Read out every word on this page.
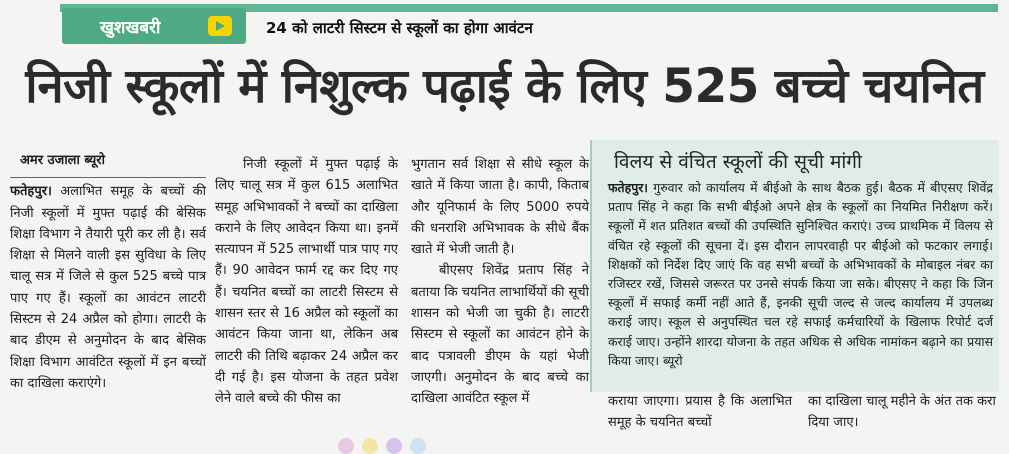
खुशखबरी	24 को लाटरी सिस्टम से स्कूलों का होगा आवंटन
निजी स्कूलों में निशुल्क पढ़ाई के लिए 525 बच्चे चयनित
अमर उजाला ब्यूरो

फतेहपुर। अलाभित समूह के बच्चों की निजी स्कूलों में मुफ्त पढ़ाई की बेसिक शिक्षा विभाग ने तैयारी पूरी कर ली है। सर्व शिक्षा से मिलने वाली इस सुविधा के लिए चालू सत्र में जिले से कुल 525 बच्चे पात्र पाए गए हैं। स्कूलों का आवंटन लाटरी सिस्टम से 24 अप्रैल को होगा। लाटरी के बाद डीएम से अनुमोदन के बाद बेसिक शिक्षा विभाग आवंटित स्कूलों में इन बच्चों का दाखिला कराएंगे।

निजी स्कूलों में मुफ्त पढ़ाई के लिए चालू सत्र में कुल 615 अलाभित समूह अभिभावकों ने बच्चों का दाखिला कराने के लिए आवेदन किया था। इनमें सत्यापन में 525 लाभार्थी पात्र पाए गए हैं। 90 आवेदन फार्म रद्द कर दिए गए हैं। चयनित बच्चों का लाटरी सिस्टम से शासन स्तर से 16 अप्रैल को स्कूलों का आवंटन किया जाना था, लेकिन अब लाटरी की तिथि बढ़ाकर 24 अप्रैल कर दी गई है। इस योजना के तहत प्रवेश लेने वाले बच्चे की फीस का

भुगतान सर्व शिक्षा से सीधे स्कूल के खाते में किया जाता है। कापी, किताब और यूनिफार्म के लिए 5000 रुपये की धनराशि अभिभावक के सीधे बैंक खाते में भेजी जाती है।

बीएसए शिवेंद्र प्रताप सिंह ने बताया कि चयनित लाभार्थियों की सूची शासन को भेजी जा चुकी है। लाटरी सिस्टम से स्कूलों का आवंटन होने के बाद पत्रावली डीएम के यहां भेजी जाएगी। अनुमोदन के बाद बच्चे का दाखिला आवंटित स्कूल में

विलय से वंचित स्कूलों की सूची मांगी
फतेहपुर। गुरुवार को कार्यालय में बीईओ के साथ बैठक हुई। बैठक में बीएसए शिवेंद्र प्रताप सिंह ने कहा कि सभी बीईओ अपने क्षेत्र के स्कूलों का नियमित निरीक्षण करें। स्कूलों में शत प्रतिशत बच्चों की उपस्थिति सुनिश्चित कराएं। उच्च प्राथमिक में विलय से वंचित रहे स्कूलों की सूचना दें। इस दौरान लापरवाही पर बीईओ को फटकार लगाई। शिक्षकों को निर्देश दिए जाएं कि वह सभी बच्चों के अभिभावकों के मोबाइल नंबर का रजिस्टर रखें, जिससे जरूरत पर उनसे संपर्क किया जा सके। बीएसए ने कहा कि जिन स्कूलों में सफाई कर्मी नहीं आते हैं, इनकी सूची जल्द से जल्द कार्यालय में उपलब्ध कराई जाए। स्कूल से अनुपस्थित चल रहे सफाई कर्मचारियों के खिलाफ रिपोर्ट दर्ज कराई जाए। उन्होंने शारदा योजना के तहत अधिक से अधिक नामांकन बढ़ाने का प्रयास किया जाए। ब्यूरो
कराया जाएगा। प्रयास है कि अलाभित समूह के चयनित बच्चों
का दाखिला चालू महीने के अंत तक करा दिया जाए।
